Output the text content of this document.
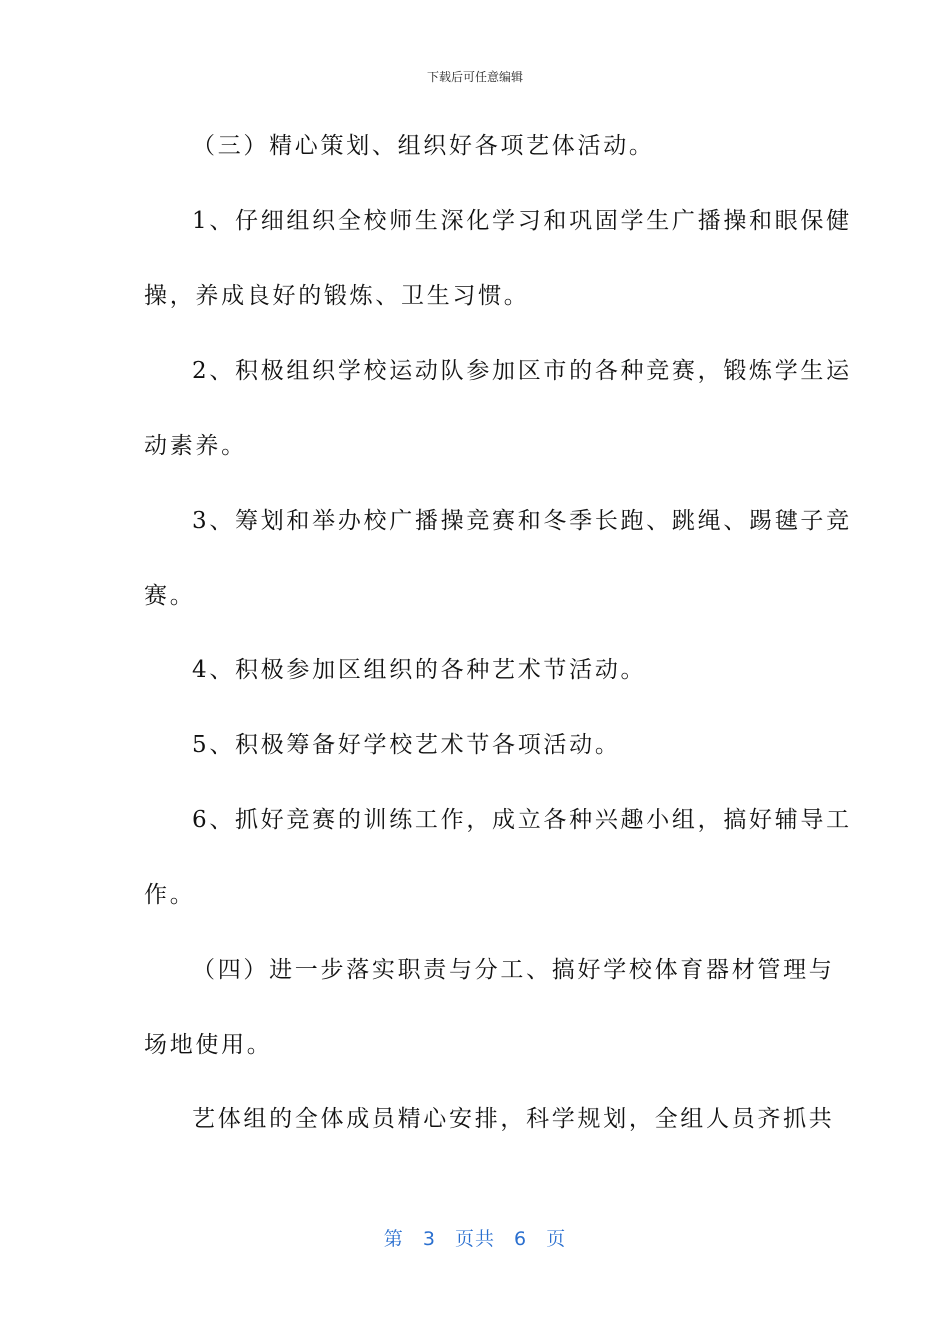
下载后可任意编辑
（三）精心策划、组织好各项艺体活动。
1、仔细组织全校师生深化学习和巩固学生广播操和眼保健
操，养成良好的锻炼、卫生习惯。
2、积极组织学校运动队参加区市的各种竞赛，锻炼学生运
动素养。
3、筹划和举办校广播操竞赛和冬季长跑、跳绳、踢毽子竞
赛。
4、积极参加区组织的各种艺术节活动。
5、积极筹备好学校艺术节各项活动。
6、抓好竞赛的训练工作，成立各种兴趣小组，搞好辅导工
作。
（四）进一步落实职责与分工、搞好学校体育器材管理与
场地使用。
艺体组的全体成员精心安排，科学规划，全组人员齐抓共
第 3 页共 6 页
